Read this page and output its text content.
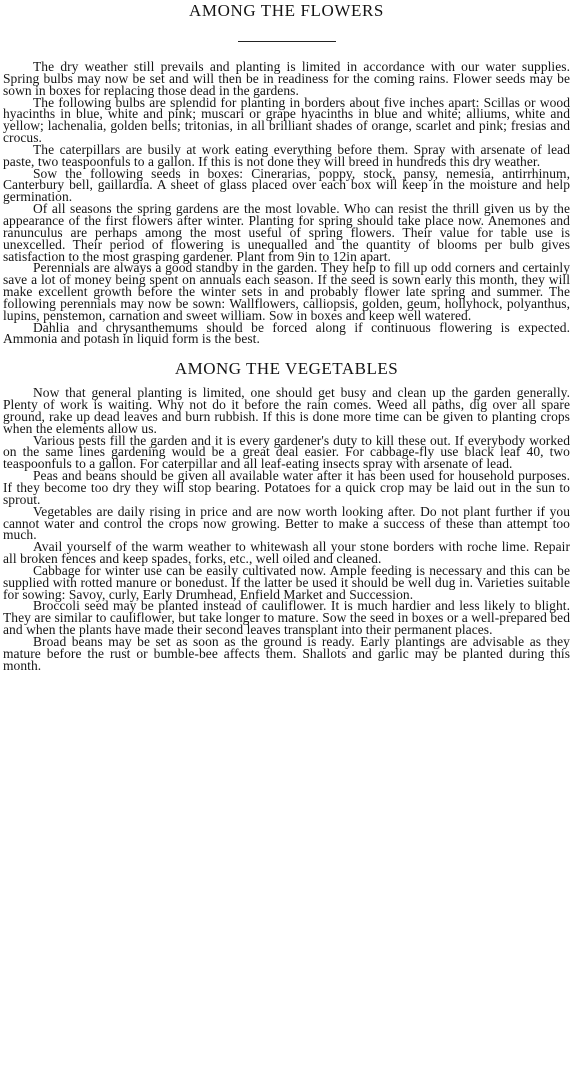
AMONG THE FLOWERS

The dry weather still prevails and planting is limited in accordance with our water supplies. Spring bulbs may now be set and will then be in readiness for the coming rains. Flower seeds may be sown in boxes for replacing those dead in the gardens.

The following bulbs are splendid for planting in borders about five inches apart: Scillas or wood hyacinths in blue, white and pink; muscari or grape hyacinths in blue and white; alliums, white and yellow; lachenalia, golden bells; tritonias, in all brilliant shades of orange, scarlet and pink; fresias and crocus.

The caterpillars are busily at work eating everything before them. Spray with arsenate of lead paste, two teaspoonfuls to a gallon. If this is not done they will breed in hundreds this dry weather.

Sow the following seeds in boxes: Cinerarias, poppy, stock, pansy, nemesia, antirrhinum, Canterbury bell, gaillardia. A sheet of glass placed over each box will keep in the moisture and help germination.

Of all seasons the spring gardens are the most lovable. Who can resist the thrill given us by the appearance of the first flowers after winter. Planting for spring should take place now. Anemones and ranunculus are perhaps among the most useful of spring flowers. Their value for table use is unexcelled. Their period of flowering is unequalled and the quantity of blooms per bulb gives satisfaction to the most grasping gardener. Plant from 9in to 12in apart.

Perennials are always a good standby in the garden. They help to fill up odd corners and certainly save a lot of money being spent on annuals each season. If the seed is sown early this month, they will make excellent growth before the winter sets in and probably flower late spring and summer. The following perennials may now be sown: Wallflowers, calliopsis, golden, geum, hollyhock, polyanthus, lupins, penstemon, carnation and sweet william. Sow in boxes and keep well watered.

Dahlia and chrysanthemums should be forced along if continuous flowering is expected. Ammonia and potash in liquid form is the best.

AMONG THE VEGETABLES

Now that general planting is limited, one should get busy and clean up the garden generally. Plenty of work is waiting. Why not do it before the rain comes. Weed all paths, dig over all spare ground, rake up dead leaves and burn rubbish. If this is done more time can be given to planting crops when the elements allow us.

Various pests fill the garden and it is every gardener's duty to kill these out. If everybody worked on the same lines gardening would be a great deal easier. For cabbage-fly use black leaf 40, two teaspoonfuls to a gallon. For caterpillar and all leaf-eating insects spray with arsenate of lead.

Peas and beans should be given all available water after it has been used for household purposes. If they become too dry they will stop bearing. Potatoes for a quick crop may be laid out in the sun to sprout.

Vegetables are daily rising in price and are now worth looking after. Do not plant further if you cannot water and control the crops now growing. Better to make a success of these than attempt too much.

Avail yourself of the warm weather to whitewash all your stone borders with roche lime. Repair all broken fences and keep spades, forks, etc., well oiled and cleaned.

Cabbage for winter use can be easily cultivated now. Ample feeding is necessary and this can be supplied with rotted manure or bonedust. If the latter be used it should be well dug in. Varieties suitable for sowing: Savoy, curly, Early Drumhead, Enfield Market and Succession.

Broccoli seed may be planted instead of cauliflower. It is much hardier and less likely to blight. They are similar to cauliflower, but take longer to mature. Sow the seed in boxes or a well-prepared bed and when the plants have made their second leaves transplant into their permanent places.

Broad beans may be set as soon as the ground is ready. Early plantings are advisable as they mature before the rust or bumble-bee affects them. Shallots and garlic may be planted during this month.
